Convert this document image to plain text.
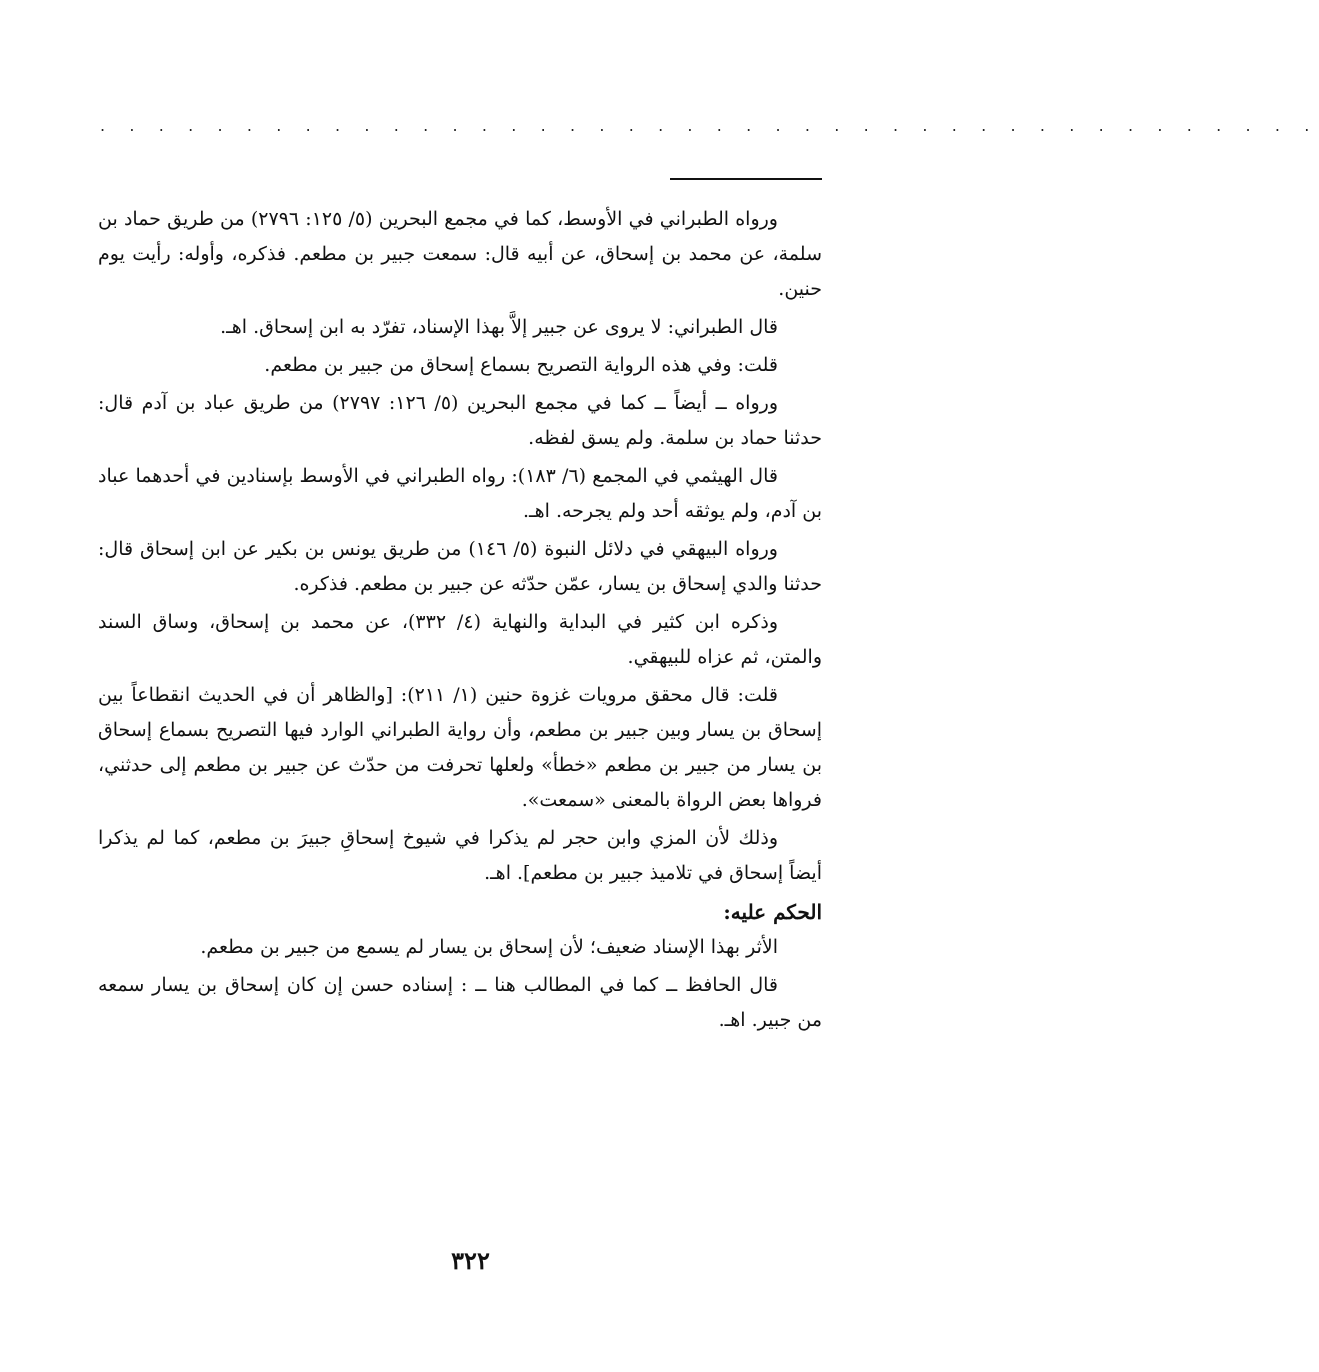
. . . . . . . . . . . . . . . . . . . . . . . . . . . . . . . . . . . . . . . . . .

ورواه الطبراني في الأوسط، كما في مجمع البحرين (٥/ ١٢٥: ٢٧٩٦) من طريق حماد بن سلمة، عن محمد بن إسحاق، عن أبيه قال: سمعت جبير بن مطعم. فذكره، وأوله: رأيت يوم حنين.

قال الطبراني: لا يروى عن جبير إلاَّ بهذا الإسناد، تفرّد به ابن إسحاق. اهـ.

قلت: وفي هذه الرواية التصريح بسماع إسحاق من جبير بن مطعم.

ورواه ــ أيضاً ــ كما في مجمع البحرين (٥/ ١٢٦: ٢٧٩٧) من طريق عباد بن آدم قال: حدثنا حماد بن سلمة. ولم يسق لفظه.

قال الهيثمي في المجمع (٦/ ١٨٣): رواه الطبراني في الأوسط بإسنادين في أحدهما عباد بن آدم، ولم يوثقه أحد ولم يجرحه. اهـ.

ورواه البيهقي في دلائل النبوة (٥/ ١٤٦) من طريق يونس بن بكير عن ابن إسحاق قال: حدثنا والدي إسحاق بن يسار، عمّن حدّثه عن جبير بن مطعم. فذكره.

وذكره ابن كثير في البداية والنهاية (٤/ ٣٣٢)، عن محمد بن إسحاق، وساق السند والمتن، ثم عزاه للبيهقي.

قلت: قال محقق مرويات غزوة حنين (١/ ٢١١): [والظاهر أن في الحديث انقطاعاً بين إسحاق بن يسار وبين جبير بن مطعم، وأن رواية الطبراني الوارد فيها التصريح بسماع إسحاق بن يسار من جبير بن مطعم «خطأ» ولعلها تحرفت من حدّث عن جبير بن مطعم إلى حدثني، فرواها بعض الرواة بالمعنى «سمعت».

وذلك لأن المزي وابن حجر لم يذكرا في شيوخ إسحاقِ جبيرَ بن مطعم، كما لم يذكرا أيضاً إسحاق في تلاميذ جبير بن مطعم]. اهـ.

الحكم عليه:

الأثر بهذا الإسناد ضعيف؛ لأن إسحاق بن يسار لم يسمع من جبير بن مطعم.

قال الحافظ ــ كما في المطالب هنا ــ : إسناده حسن إن كان إسحاق بن يسار سمعه من جبير. اهـ.

٣٢٢
